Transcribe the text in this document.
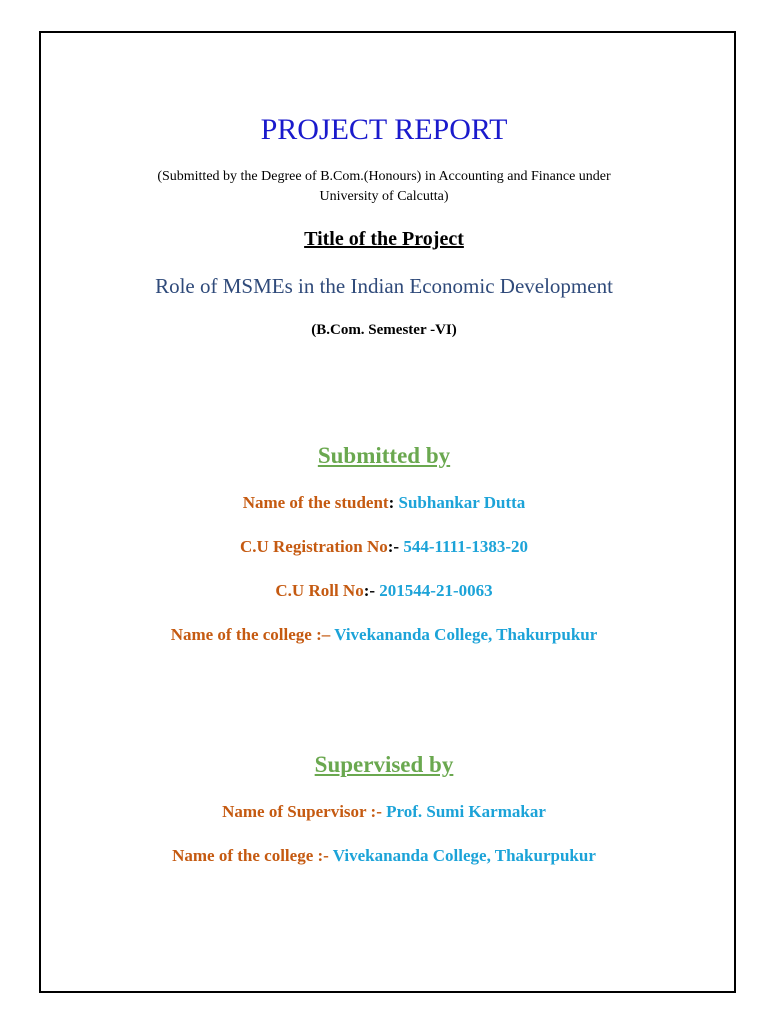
PROJECT REPORT
(Submitted by the Degree of B.Com.(Honours) in Accounting and Finance under
University of Calcutta)
Title of the Project
Role of MSMEs in the Indian Economic Development
(B.Com. Semester -VI)
Submitted by
Name of the student: Subhankar Dutta
C.U Registration No:- 544-1111-1383-20
C.U Roll No:- 201544-21-0063
Name of the college :– Vivekananda College, Thakurpukur
Supervised by
Name of Supervisor :- Prof. Sumi Karmakar
Name of the college :- Vivekananda College, Thakurpukur
